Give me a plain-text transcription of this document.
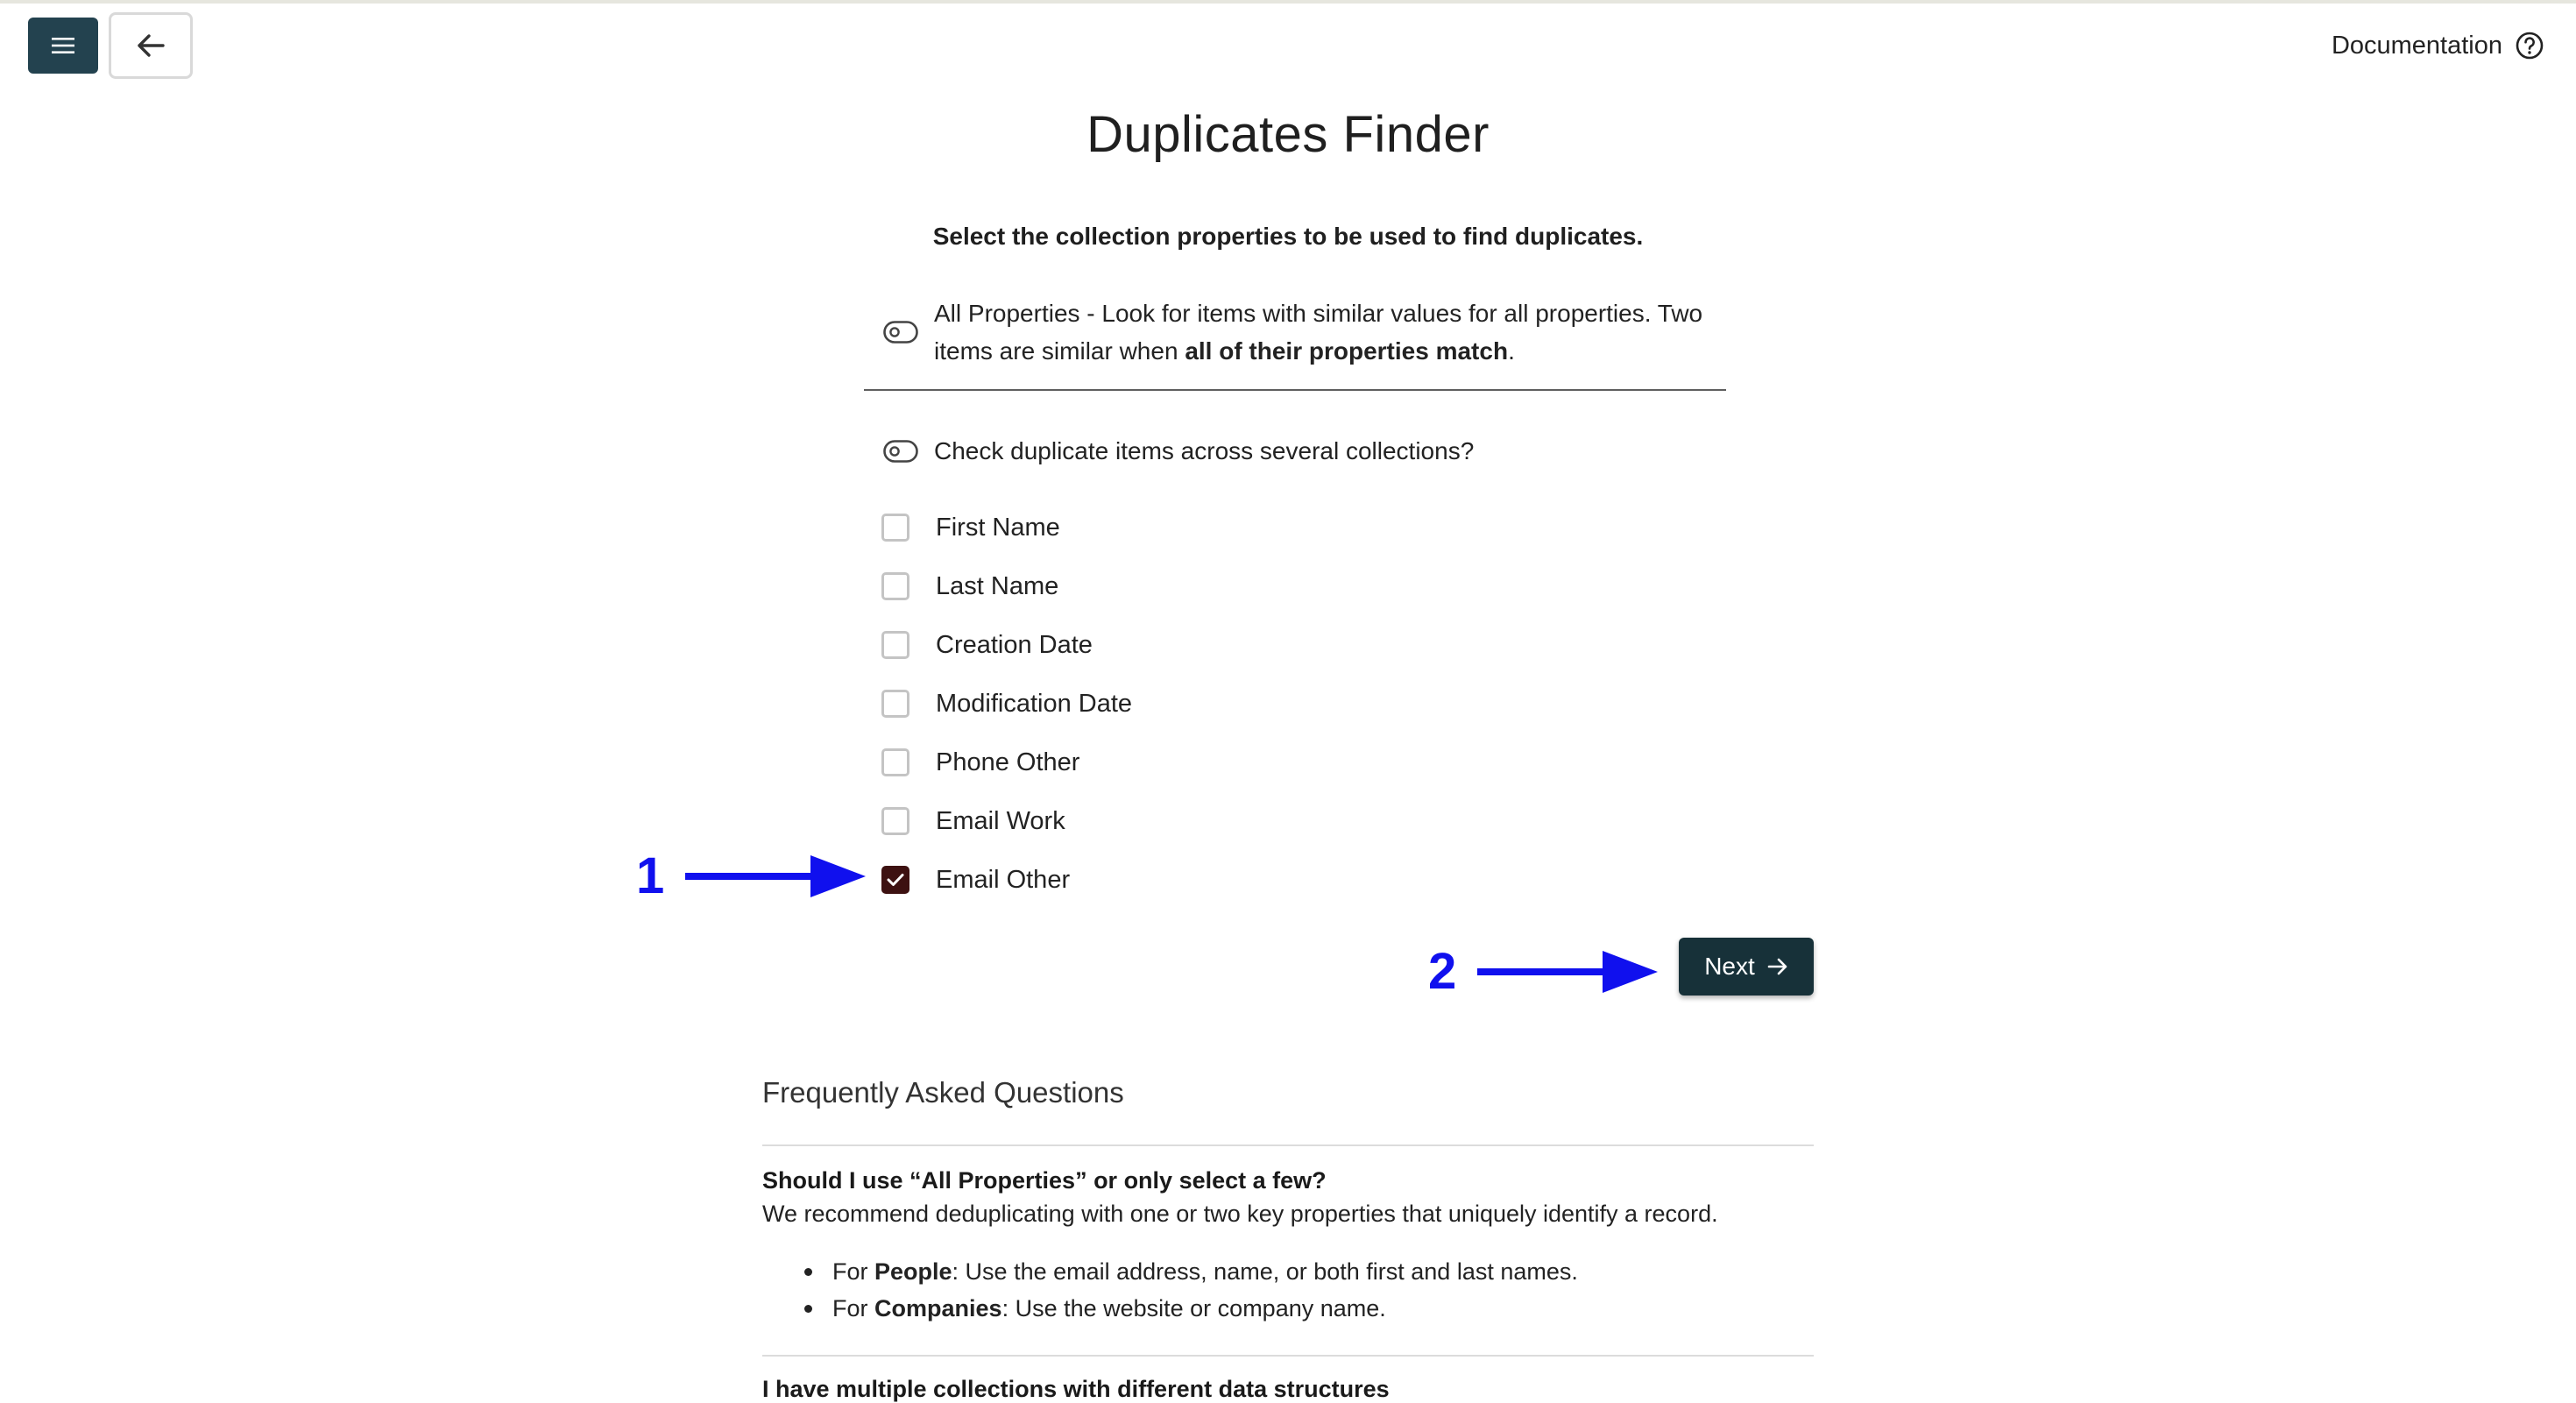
Documentation
Duplicates Finder
Select the collection properties to be used to find duplicates.
All Properties - Look for items with similar values for all properties. Two items are similar when all of their properties match.
Check duplicate items across several collections?
First Name
Last Name
Creation Date
Modification Date
Phone Other
Email Work
Email Other
1
2	Next
Frequently Asked Questions
Should I use “All Properties” or only select a few?
We recommend deduplicating with one or two key properties that uniquely identify a record.
For People: Use the email address, name, or both first and last names.
For Companies: Use the website or company name.
I have multiple collections with different data structures
